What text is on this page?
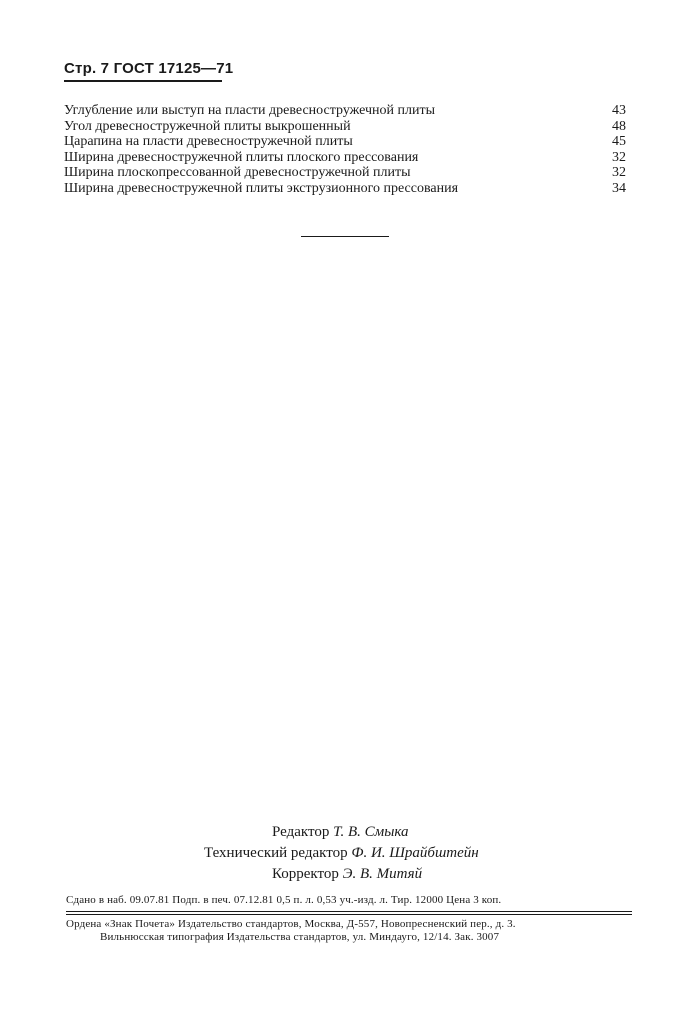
Стр. 7 ГОСТ 17125—71
Углубление или выступ на пласти древесностружечной плиты	43
Угол древесностружечной плиты выкрошенный	48
Царапина на пласти древесностружечной плиты	45
Ширина древесностружечной плиты плоского прессования	32
Ширина плоскопрессованной древесностружечной плиты	32
Ширина древесностружечной плиты экструзионного прессования	34
Редактор Т. В. Смыка
Технический редактор Ф. И. Шрайбштейн
Корректор Э. В. Митяй
Сдано в наб. 09.07.81 Подп. в печ. 07.12.81 0,5 п. л. 0,53 уч.-изд. л. Тир. 12000 Цена 3 коп.
Ордена «Знак Почета» Издательство стандартов, Москва, Д-557, Новопресненский пер., д. 3.
Вильнюсская типография Издательства стандартов, ул. Миндауго, 12/14. Зак. 3007
